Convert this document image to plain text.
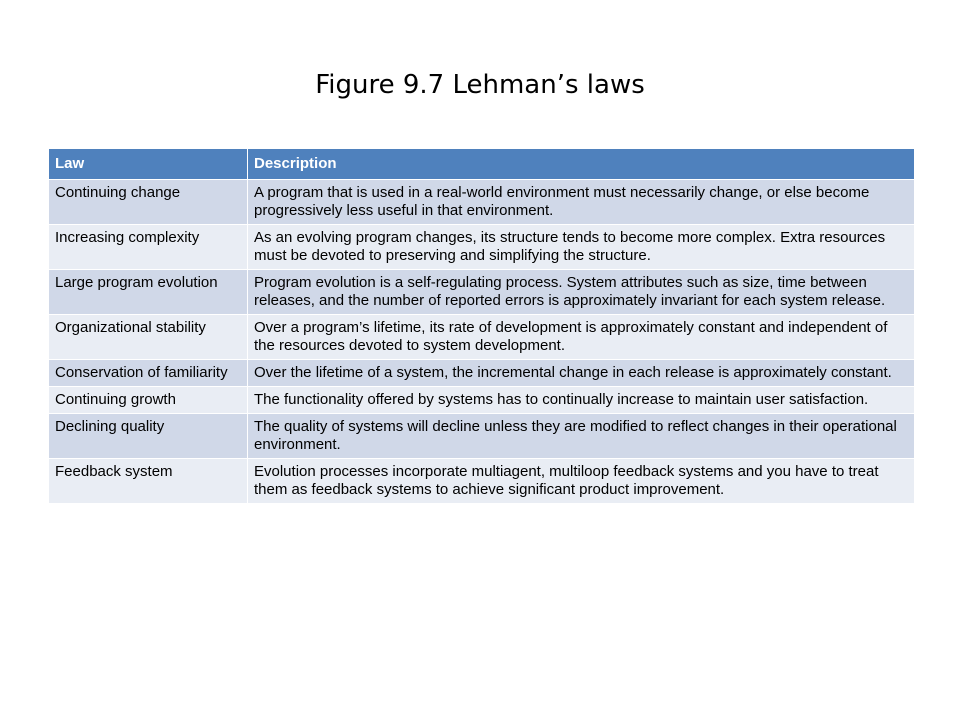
Figure 9.7 Lehman’s laws
Law	Description
Continuing change	A program that is used in a real-world environment must necessarily change, or else become progressively less useful in that environment.
Increasing complexity	As an evolving program changes, its structure tends to become more complex. Extra resources must be devoted to preserving and simplifying the structure.
Large program evolution	Program evolution is a self-regulating process. System attributes such as size, time between releases, and the number of reported errors is approximately invariant for each system release.
Organizational stability	Over a program’s lifetime, its rate of development is approximately constant and independent of the resources devoted to system development.
Conservation of familiarity	Over the lifetime of a system, the incremental change in each release is approximately constant.
Continuing growth	The functionality offered by systems has to continually increase to maintain user satisfaction.
Declining quality	The quality of systems will decline unless they are modified to reflect changes in their operational environment.
Feedback system	Evolution processes incorporate multiagent, multiloop feedback systems and you have to treat them as feedback systems to achieve significant product improvement.
